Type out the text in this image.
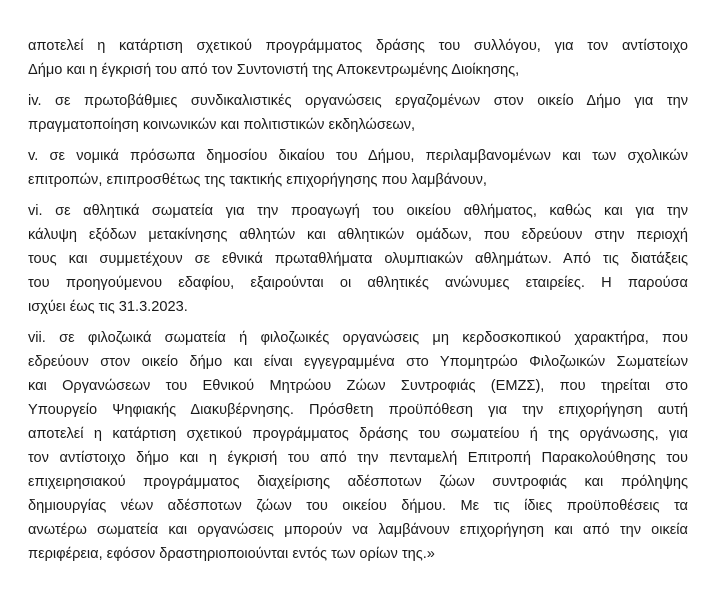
αποτελεί η κατάρτιση σχετικού προγράμματος δράσης του συλλόγου, για τον αντίστοιχο
Δήμο και η έγκρισή του από τον Συντονιστή της Αποκεντρωμένης Διοίκησης,
iv. σε πρωτοβάθμιες συνδικαλιστικές οργανώσεις εργαζομένων στον οικείο Δήμο για την
πραγματοποίηση κοινωνικών και πολιτιστικών εκδηλώσεων,
v. σε νομικά πρόσωπα δημοσίου δικαίου του Δήμου, περιλαμβανομένων και των σχολικών
επιτροπών, επιπροσθέτως της τακτικής επιχορήγησης που λαμβάνουν,
vi. σε αθλητικά σωματεία για την προαγωγή του οικείου αθλήματος, καθώς και για την
κάλυψη εξόδων μετακίνησης αθλητών και αθλητικών ομάδων, που εδρεύουν στην περιοχή
τους και συμμετέχουν σε εθνικά πρωταθλήματα ολυμπιακών αθλημάτων. Από τις διατάξεις
του προηγούμενου εδαφίου, εξαιρούνται οι αθλητικές ανώνυμες εταιρείες. Η παρούσα
ισχύει έως τις 31.3.2023.
vii. σε φιλοζωικά σωματεία ή φιλοζωικές οργανώσεις μη κερδοσκοπικού χαρακτήρα, που
εδρεύουν στον οικείο δήμο και είναι εγγεγραμμένα στο Υπομητρώο Φιλοζωικών Σωματείων
και Οργανώσεων του Εθνικού Μητρώου Ζώων Συντροφιάς (ΕΜΖΣ), που τηρείται στο
Υπουργείο Ψηφιακής Διακυβέρνησης. Πρόσθετη προϋπόθεση για την επιχορήγηση αυτή
αποτελεί η κατάρτιση σχετικού προγράμματος δράσης του σωματείου ή της οργάνωσης, για
τον αντίστοιχο δήμο και η έγκρισή του από την πενταμελή Επιτροπή Παρακολούθησης του
επιχειρησιακού προγράμματος διαχείρισης αδέσποτων ζώων συντροφιάς και πρόληψης
δημιουργίας νέων αδέσποτων ζώων του οικείου δήμου. Με τις ίδιες προϋποθέσεις τα
ανωτέρω σωματεία και οργανώσεις μπορούν να λαμβάνουν επιχορήγηση και από την οικεία
περιφέρεια, εφόσον δραστηριοποιούνται εντός των ορίων της.»
